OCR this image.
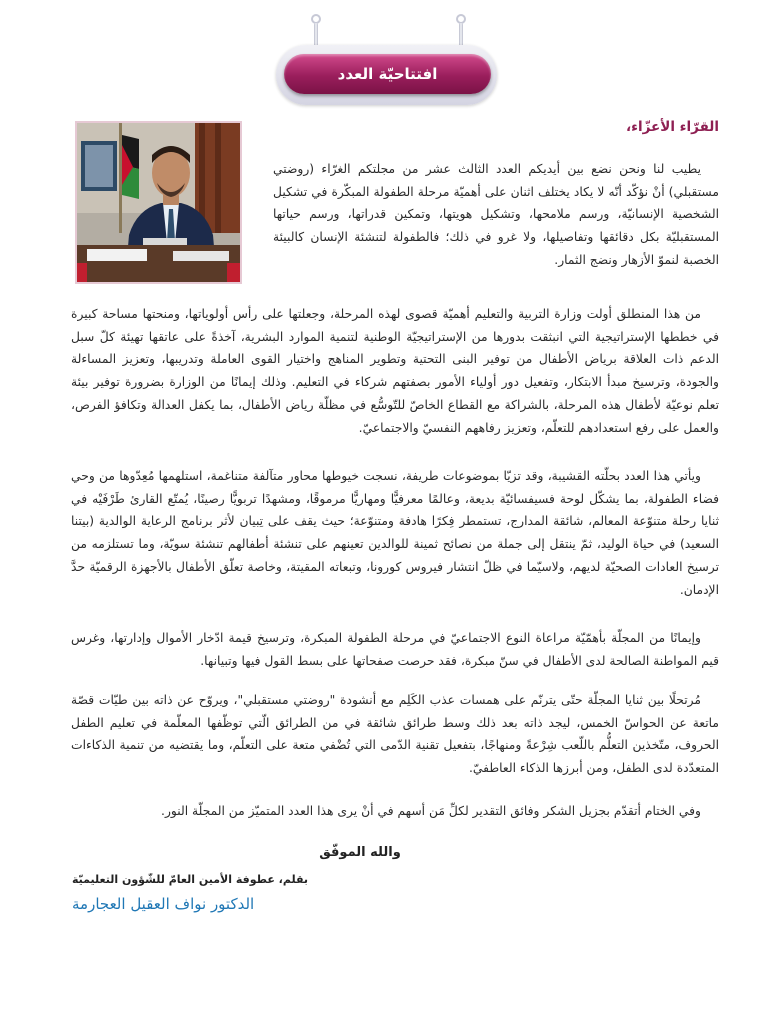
افتتاحيّة العدد
القرّاء الأعزّاء،

يطيب لنا ونحن نضع بين أيديكم العدد الثالث عشر من مجلتكم الغرّاء (روضتي مستقبلي) أنْ نؤكّد أنّه لا يكاد يختلف اثنان على أهميّة مرحلة الطفولة المبكّرة في تشكيل الشخصية الإنسانيّة، ورسم ملامحها، وتشكيل هويتها، وتمكين قدراتها، ورسم حياتها المستقبليّة بكل دقائقها وتفاصيلها، ولا غرو في ذلك؛ فالطفولة لتنشئة الإنسان كالبيئة الخصبة لنموّ الأزهار ونضج الثمار.

من هذا المنطلق أولت وزارة التربية والتعليم أهميّة قصوى لهذه المرحلة، وجعلتها على رأس أولوياتها، ومنحتها مساحة كبيرة في خططها الإستراتيجية التي انبثقت بدورها من الإستراتيجيّة الوطنية لتنمية الموارد البشرية، آخذةً على عاتقها تهيئة كلّ سبل الدعم ذات العلاقة برياض الأطفال من توفير البنى التحتية وتطوير المناهج واختيار القوى العاملة وتدريبها، وتعزيز المساءلة والجودة، وترسيخ مبدأ الابتكار، وتفعيل دور أولياء الأمور بصفتهم شركاء في التعليم. وذلك إيمانًا من الوزارة بضرورة توفير بيئة تعلم نوعيّة لأطفال هذه المرحلة، بالشراكة مع القطاع الخاصّ للتّوسُّع في مظلّة رياض الأطفال، بما يكفل العدالة وتكافؤ الفرص، والعمل على رفع استعدادهم للتعلّم، وتعزيز رفاههم النفسيّ والاجتماعيّ.

ويأتي هذا العدد بحلّته القشيبة، وقد تزيّا بموضوعات طريفة، نسجت خيوطها محاور متآلفة متناغمة، استلهمها مُعِدّوها من وحي فضاء الطفولة، بما يشكّل لوحة فسيفسائيّة بديعة، وعالمًا معرفيًّا ومهاريًّا مرموقًا، ومشهدًا تربويًّا رصينًا، يُمتّع القارئ طَرْفَيْه في ثنايا رحلة متنوّعة المعالم، شائقة المدارج، تستمطر فِكرًا هادفة ومتنوّعة؛ حيث يقف على تِبيان لأثر برنامج الرعاية الوالدية (بيتنا السعيد) في حياة الوليد، ثمّ ينتقل إلى جملة من نصائح ثمينة للوالدين تعينهم على تنشئة أطفالهم تنشئة سويّة، وما تستلزمه من ترسيخ العادات الصحيّة لديهم، ولاسيّما في ظلّ انتشار فيروس كورونا، وتبعاته المقيتة، وخاصة تعلّق الأطفال بالأجهزة الرقميّة حدَّ الإدمان.

وإيمانًا من المجلّة بأهمّيّة مراعاة النوع الاجتماعيّ في مرحلة الطفولة المبكرة، وترسيخ قيمة ادّخار الأموال وإدارتها، وغرس قيم المواطنة الصالحة لدى الأطفال في سنّ مبكرة، فقد حرصت صفحاتها على بسط القول فيها وتبيانها.

مُرتحلًا بين ثنايا المجلّة حتّى يترنّم على همسات عذب الكَلِم مع أنشودة "روضتي مستقبلي"، ويروّح عن ذاته بين طيّات قصّة ماتعة عن الحواسّ الخمس، ليجد ذاته بعد ذلك وسط طرائق شائقة في من الطرائق الّتي توظّفها المعلّمة في تعليم الطفل الحروف، متّخذين التعلُّم باللّعب شِرْعةً ومنهاجًا، بتفعيل تقنية الدّمى التي تُضْفي متعة على التعلّم، وما يقتضيه من تنمية الذكاءات المتعدّدة لدى الطفل، ومن أبرزها الذكاء العاطفيّ.

وفي الختام أتقدّم بجزيل الشكر وفائق التقدير لكلِّ مَن أسهم في أنْ يرى هذا العدد المتميّز من المجلّة النور.

والله الموفّق
بقلم، عطوفة الأمين العامّ للشّؤون التعليميّة
الدكتور نواف العقيل العجارمة
